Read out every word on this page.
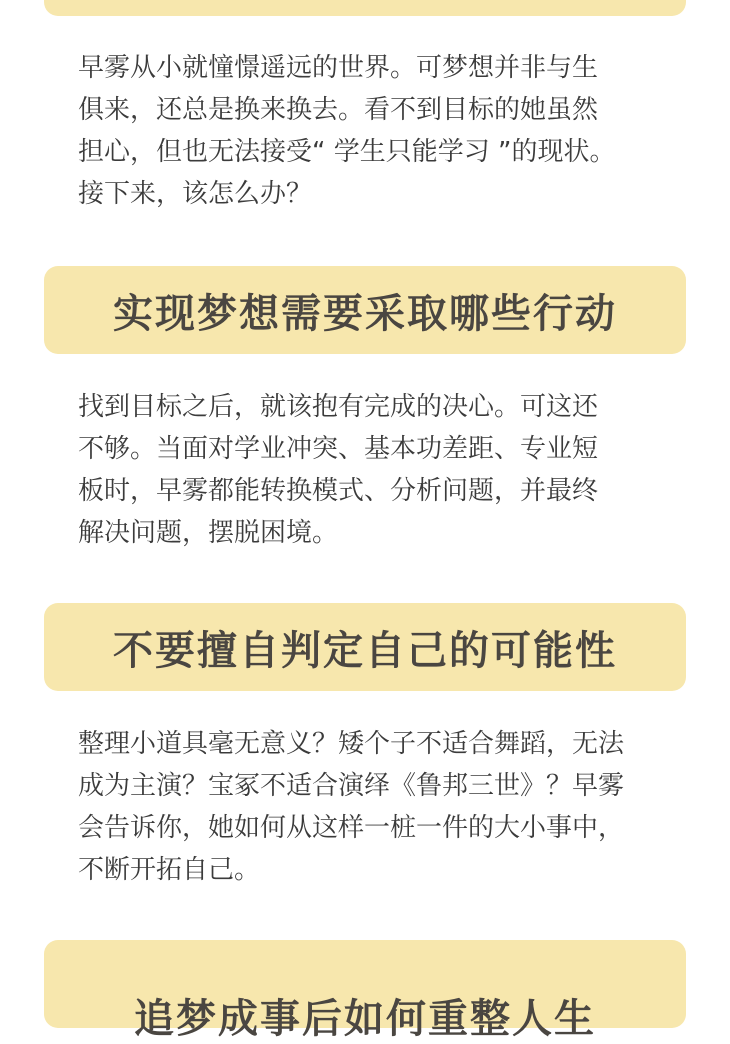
早雾从小就憧憬遥远的世界。可梦想并非与生
俱来，还总是换来换去。看不到目标的她虽然
担心，但也无法接受“ 学生只能学习 ”的现状。
接下来，该怎么办？
实现梦想需要采取哪些行动
找到目标之后，就该抱有完成的决心。可这还
不够。当面对学业冲突、基本功差距、专业短
板时，早雾都能转换模式、分析问题，并最终
解决问题，摆脱困境。
不要擅自判定自己的可能性
整理小道具毫无意义？矮个子不适合舞蹈，无法
成为主演？宝冢不适合演绎《鲁邦三世》？早雾
会告诉你，她如何从这样一桩一件的大小事中，
不断开拓自己。
追梦成事后如何重整人生
